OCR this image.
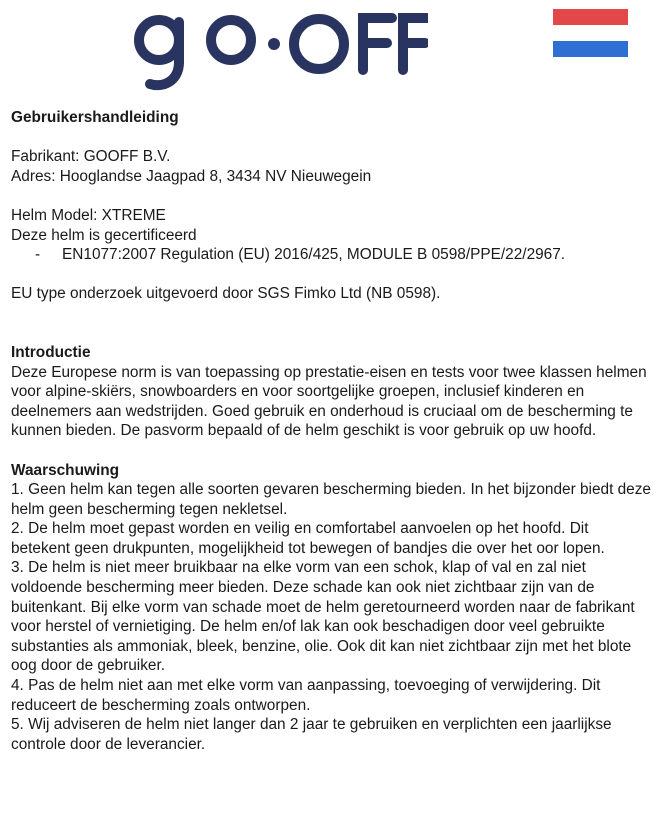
Gebruikershandleiding

Fabrikant: GOOFF B.V.

Adres: Hooglandse Jaagpad 8, 3434 NV Nieuwegein

Helm Model: XTREME

Deze helm is gecertificeerd

-	EN1077:2007 Regulation (EU) 2016/425, MODULE B 0598/PPE/22/2967.

EU type onderzoek uitgevoerd door SGS Fimko Ltd (NB 0598).

Introductie

Deze Europese norm is van toepassing op prestatie-eisen en tests voor twee klassen helmen voor alpine-skiërs, snowboarders en voor soortgelijke groepen, inclusief kinderen en deelnemers aan wedstrijden. Goed gebruik en onderhoud is cruciaal om de bescherming te kunnen bieden. De pasvorm bepaald of de helm geschikt is voor gebruik op uw hoofd.

Waarschuwing

1. Geen helm kan tegen alle soorten gevaren bescherming bieden. In het bijzonder biedt deze helm geen bescherming tegen nekletsel.

2. De helm moet gepast worden en veilig en comfortabel aanvoelen op het hoofd. Dit betekent geen drukpunten, mogelijkheid tot bewegen of bandjes die over het oor lopen.

3. De helm is niet meer bruikbaar na elke vorm van een schok, klap of val en zal niet voldoende bescherming meer bieden. Deze schade kan ook niet zichtbaar zijn van de buitenkant. Bij elke vorm van schade moet de helm geretourneerd worden naar de fabrikant voor herstel of vernietiging. De helm en/of lak kan ook beschadigen door veel gebruikte substanties als ammoniak, bleek, benzine, olie. Ook dit kan niet zichtbaar zijn met het blote oog door de gebruiker.

4. Pas de helm niet aan met elke vorm van aanpassing, toevoeging of verwijdering. Dit reduceert de bescherming zoals ontworpen.

5. Wij adviseren de helm niet langer dan 2 jaar te gebruiken en verplichten een jaarlijkse controle door de leverancier.
